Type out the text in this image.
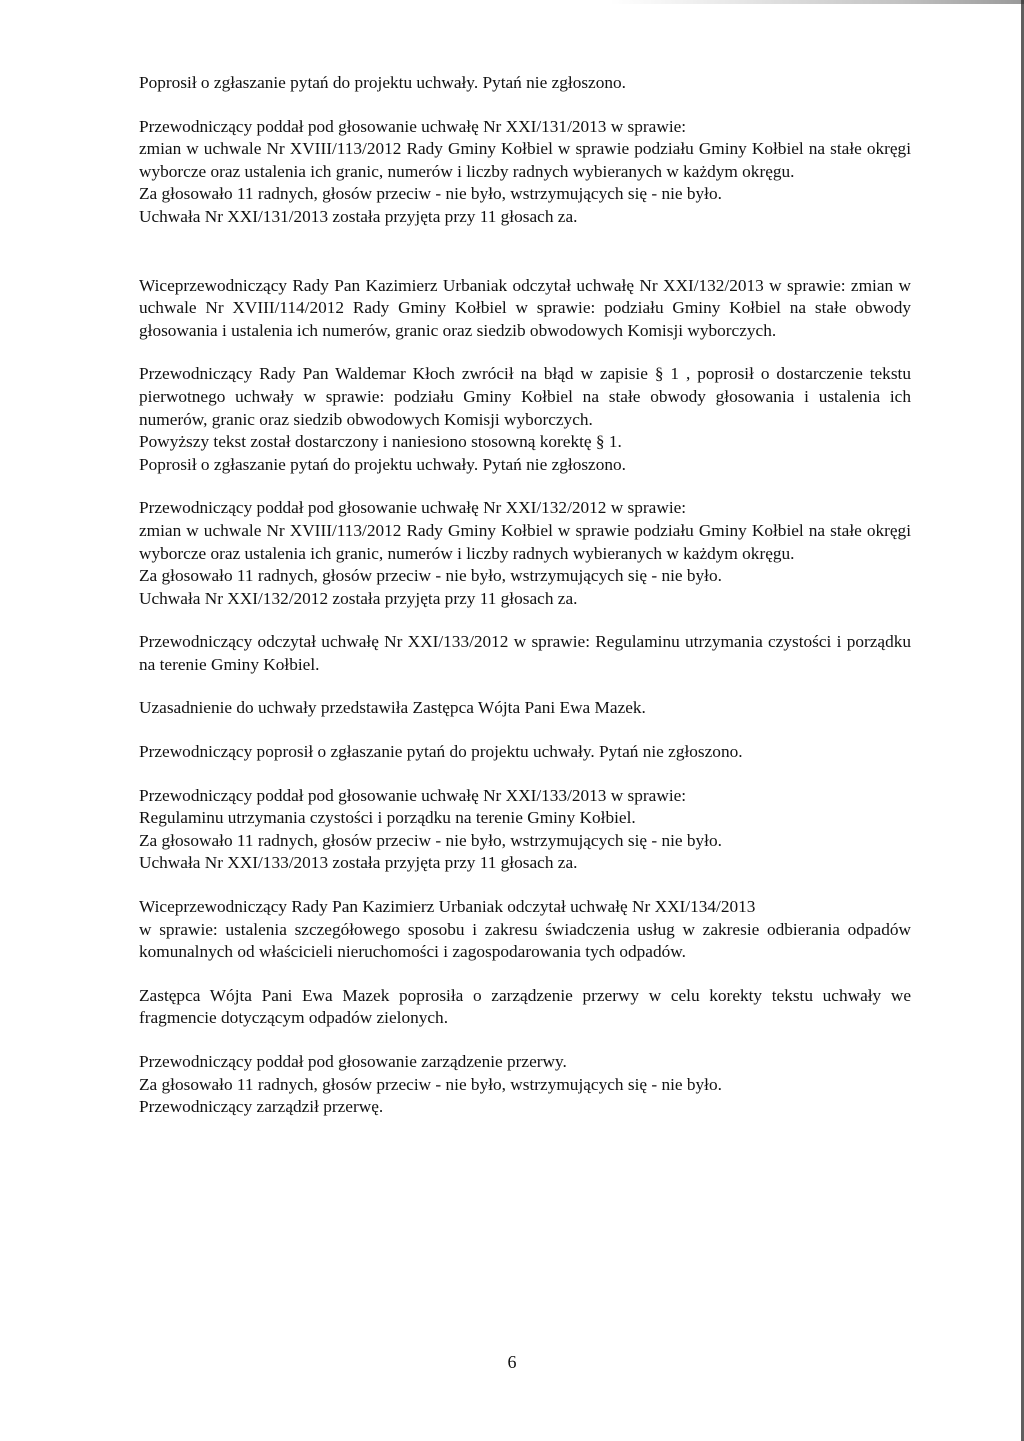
Poprosił o zgłaszanie pytań do projektu uchwały. Pytań nie zgłoszono.

Przewodniczący poddał pod głosowanie uchwałę Nr XXI/131/2013 w sprawie:
zmian w uchwale Nr XVIII/113/2012 Rady Gminy Kołbiel w sprawie podziału Gminy Kołbiel na stałe okręgi wyborcze oraz ustalenia ich granic, numerów i liczby radnych wybieranych w każdym okręgu.
Za głosowało 11 radnych, głosów przeciw - nie było, wstrzymujących się - nie było.
Uchwała Nr XXI/131/2013 została przyjęta przy 11 głosach za.

Wiceprzewodniczący Rady Pan Kazimierz Urbaniak odczytał uchwałę Nr XXI/132/2013 w sprawie: zmian w uchwale Nr XVIII/114/2012 Rady Gminy Kołbiel w sprawie: podziału Gminy Kołbiel na stałe obwody głosowania i ustalenia ich numerów, granic oraz siedzib obwodowych Komisji wyborczych.

Przewodniczący Rady Pan Waldemar Kłoch zwrócił na błąd w zapisie § 1 , poprosił o dostarczenie tekstu pierwotnego uchwały w sprawie: podziału Gminy Kołbiel na stałe obwody głosowania i ustalenia ich numerów, granic oraz siedzib obwodowych Komisji wyborczych.
Powyższy tekst został dostarczony i naniesiono stosowną korektę § 1.
Poprosił o zgłaszanie pytań do projektu uchwały. Pytań nie zgłoszono.

Przewodniczący poddał pod głosowanie uchwałę Nr XXI/132/2012 w sprawie:
zmian w uchwale Nr XVIII/113/2012 Rady Gminy Kołbiel w sprawie podziału Gminy Kołbiel na stałe okręgi wyborcze oraz ustalenia ich granic, numerów i liczby radnych wybieranych w każdym okręgu.
Za głosowało 11 radnych, głosów przeciw - nie było, wstrzymujących się - nie było.
Uchwała Nr XXI/132/2012 została przyjęta przy 11 głosach za.

Przewodniczący odczytał uchwałę Nr XXI/133/2012 w sprawie: Regulaminu utrzymania czystości i porządku na terenie Gminy Kołbiel.

Uzasadnienie do uchwały przedstawiła Zastępca Wójta Pani Ewa Mazek.

Przewodniczący poprosił o zgłaszanie pytań do projektu uchwały. Pytań nie zgłoszono.

Przewodniczący poddał pod głosowanie uchwałę Nr XXI/133/2013 w sprawie:
Regulaminu utrzymania czystości i porządku na terenie Gminy Kołbiel.
Za głosowało 11 radnych, głosów przeciw - nie było, wstrzymujących się - nie było.
Uchwała Nr XXI/133/2013 została przyjęta przy 11 głosach za.

Wiceprzewodniczący Rady Pan Kazimierz Urbaniak odczytał uchwałę Nr XXI/134/2013
w sprawie: ustalenia szczegółowego sposobu i zakresu świadczenia usług w zakresie odbierania odpadów komunalnych od właścicieli nieruchomości i zagospodarowania tych odpadów.

Zastępca Wójta Pani Ewa Mazek poprosiła o zarządzenie przerwy w celu korekty tekstu uchwały we fragmencie dotyczącym odpadów zielonych.

Przewodniczący poddał pod głosowanie zarządzenie przerwy.
Za głosowało 11 radnych, głosów przeciw - nie było, wstrzymujących się - nie było.
Przewodniczący zarządził przerwę.

6
